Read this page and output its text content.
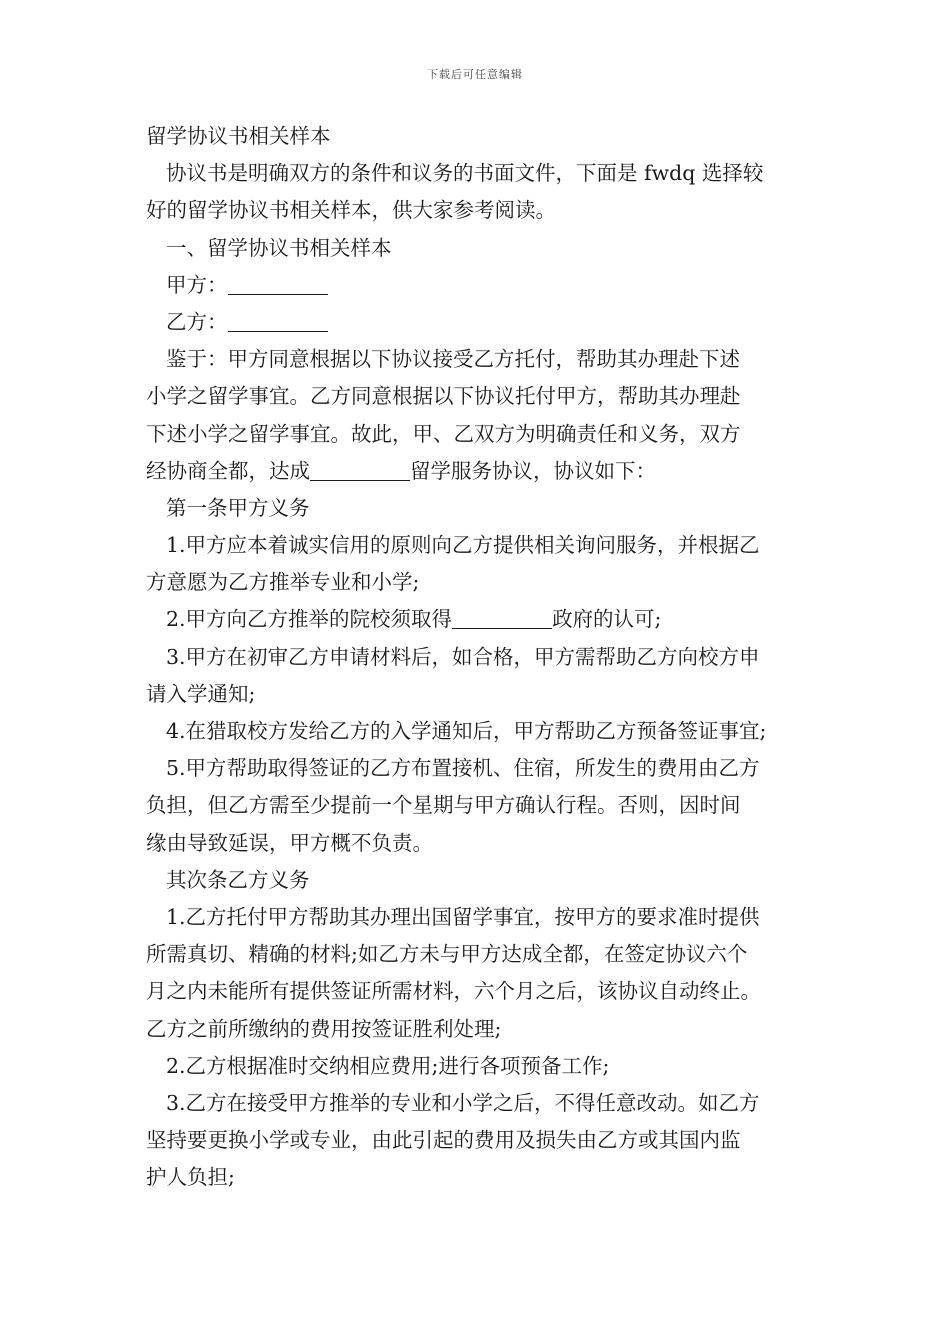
下载后可任意编辑
留学协议书相关样本
协议书是明确双方的条件和议务的书面文件，下面是 fwdq 选择较
好的留学协议书相关样本，供大家参考阅读。
一、留学协议书相关样本
甲方：
乙方：
鉴于：甲方同意根据以下协议接受乙方托付，帮助其办理赴下述
小学之留学事宜。乙方同意根据以下协议托付甲方，帮助其办理赴
下述小学之留学事宜。故此，甲、乙双方为明确责任和义务，双方
经协商全都，达成	留学服务协议，协议如下：
第一条甲方义务
1.甲方应本着诚实信用的原则向乙方提供相关询问服务，并根据乙
方意愿为乙方推举专业和小学;
2.甲方向乙方推举的院校须取得	政府的认可;
3.甲方在初审乙方申请材料后，如合格，甲方需帮助乙方向校方申
请入学通知;
4.在猎取校方发给乙方的入学通知后，甲方帮助乙方预备签证事宜;
5.甲方帮助取得签证的乙方布置接机、住宿，所发生的费用由乙方
负担，但乙方需至少提前一个星期与甲方确认行程。否则，因时间
缘由导致延误，甲方概不负责。
其次条乙方义务
1.乙方托付甲方帮助其办理出国留学事宜，按甲方的要求准时提供
所需真切、精确的材料;如乙方未与甲方达成全都，在签定协议六个
月之内未能所有提供签证所需材料，六个月之后，该协议自动终止。
乙方之前所缴纳的费用按签证胜利处理;
2.乙方根据准时交纳相应费用;进行各项预备工作;
3.乙方在接受甲方推举的专业和小学之后，不得任意改动。如乙方
坚持要更换小学或专业，由此引起的费用及损失由乙方或其国内监
护人负担;
